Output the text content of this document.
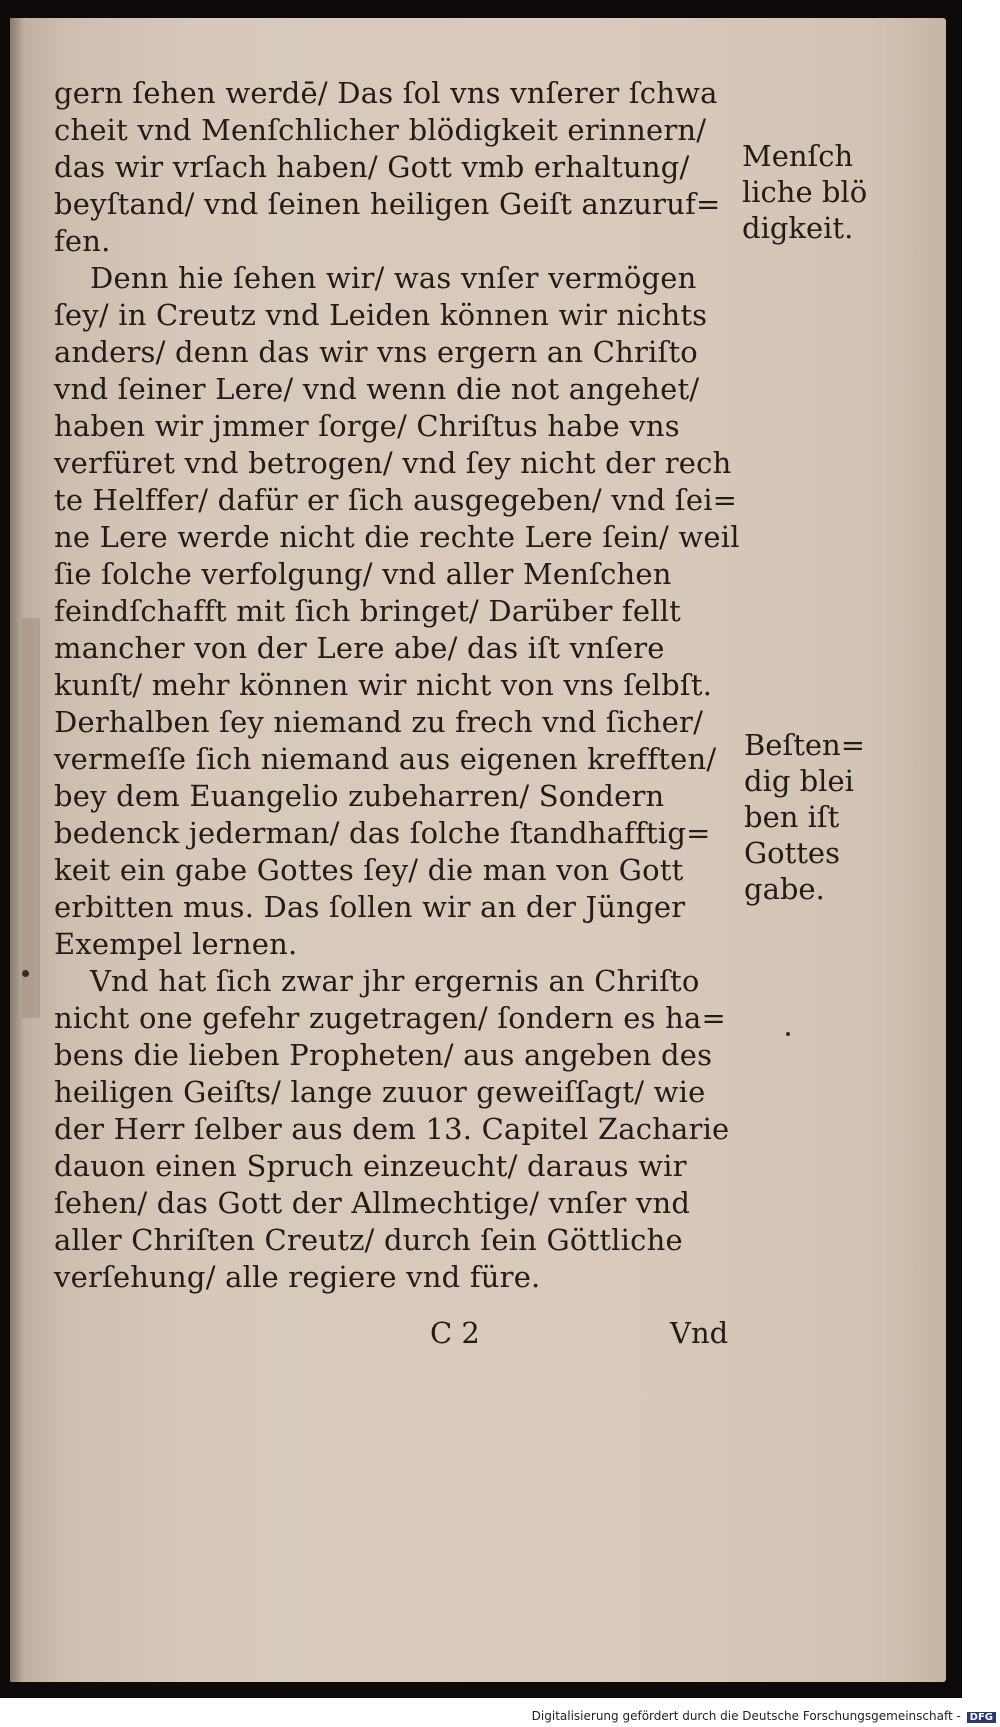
gern ſehen werdē/ Das ſol vns vnſerer ſchwa
cheit vnd Menſchlicher blödigkeit erinnern/
das wir vrſach haben/ Gott vmb erhaltung/
beyſtand/ vnd ſeinen heiligen Geiſt anzuruf=
fen.
Denn hie ſehen wir/ was vnſer vermögen
ſey/ in Creutz vnd Leiden können wir nichts
anders/ denn das wir vns ergern an Chriſto
vnd ſeiner Lere/ vnd wenn die not angehet/
haben wir jmmer ſorge/ Chriſtus habe vns
verfüret vnd betrogen/ vnd ſey nicht der rech
te Helffer/ dafür er ſich ausgegeben/ vnd ſei=
ne Lere werde nicht die rechte Lere ſein/ weil
ſie ſolche verfolgung/ vnd aller Menſchen
feindſchafft mit ſich bringet/ Darüber fellt
mancher von der Lere abe/ das iſt vnſere
kunſt/ mehr können wir nicht von vns ſelbſt.
Derhalben ſey niemand zu frech vnd ſicher/
vermeſſe ſich niemand aus eigenen krefften/
bey dem Euangelio zubeharren/ Sondern
bedenck jederman/ das ſolche ſtandhafftig=
keit ein gabe Gottes ſey/ die man von Gott
erbitten mus. Das ſollen wir an der Jünger
Exempel lernen.
Vnd hat ſich zwar jhr ergernis an Chriſto
nicht one gefehr zugetragen/ ſondern es ha=
bens die lieben Propheten/ aus angeben des
heiligen Geiſts/ lange zuuor geweiſſagt/ wie
der Herr ſelber aus dem 13. Capitel Zacharie
dauon einen Spruch einzeucht/ daraus wir
ſehen/ das Gott der Allmechtige/ vnſer vnd
aller Chriſten Creutz/ durch ſein Göttliche
verſehung/ alle regiere vnd füre.
Menſch
liche blö
digkeit.
Beſten=
dig blei
ben iſt
Gottes
gabe.
C 2	Vnd
Digitalisierung gefördert durch die Deutsche Forschungsgemeinschaft - DFG
